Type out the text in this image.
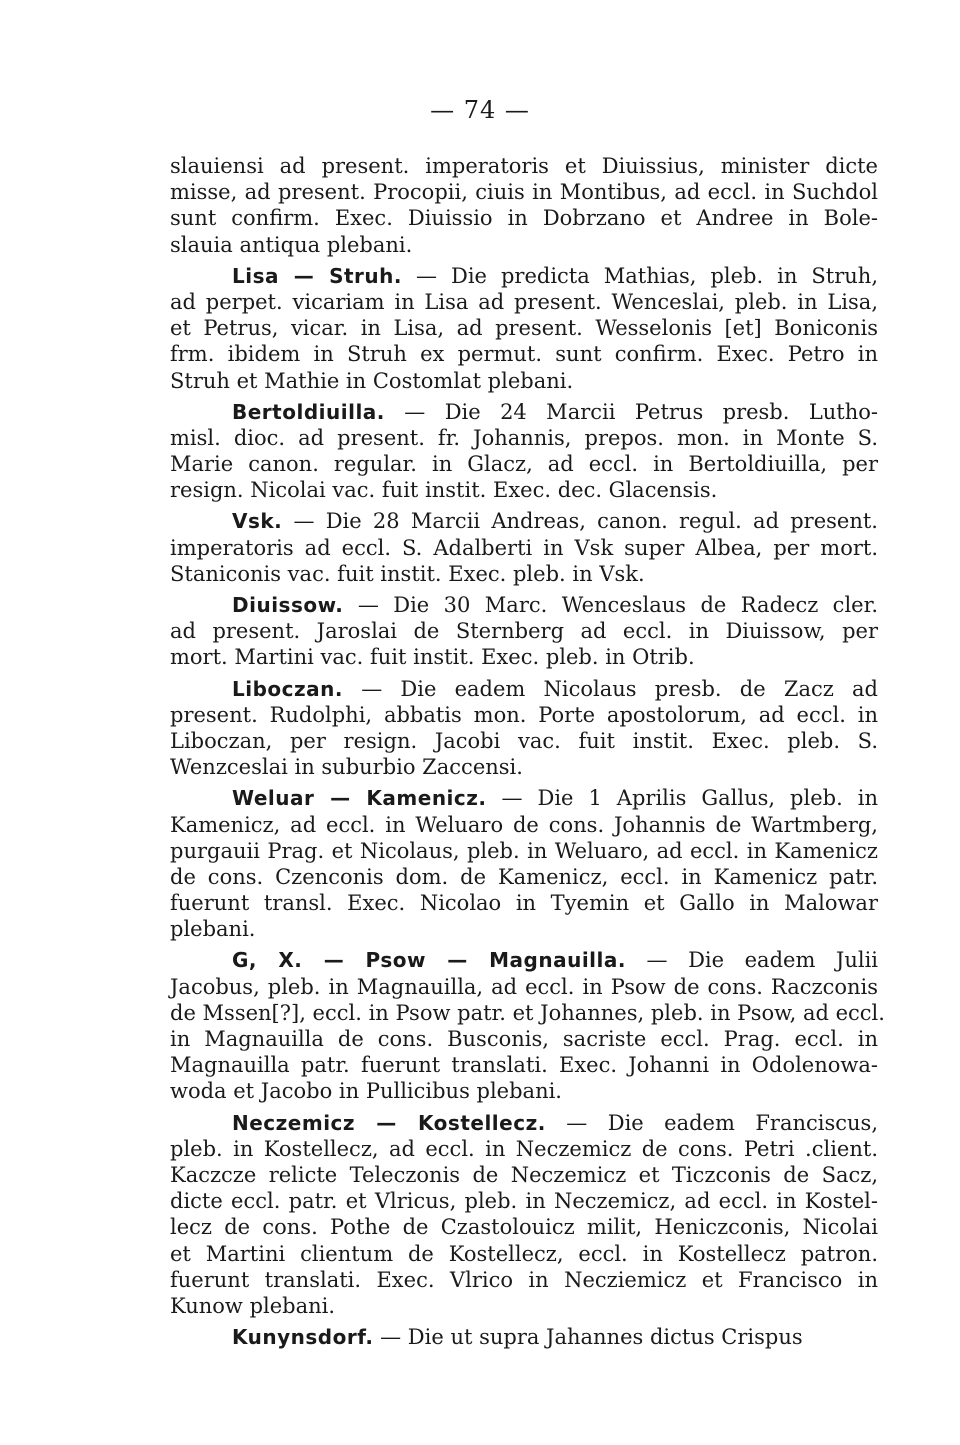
— 74 —
slauiensi ad present. imperatoris et Diuissius, minister dicte
misse, ad present. Procopii, ciuis in Montibus, ad eccl. in Suchdol
sunt confirm. Exec. Diuissio in Dobrzano et Andree in Bole-
slauia antiqua plebani.
Lisa — Struh. — Die predicta Mathias, pleb. in Struh,
ad perpet. vicariam in Lisa ad present. Wenceslai, pleb. in Lisa,
et Petrus, vicar. in Lisa, ad present. Wesselonis [et] Boniconis
frm. ibidem in Struh ex permut. sunt confirm. Exec. Petro in
Struh et Mathie in Costomlat plebani.
Bertoldiuilla. — Die 24 Marcii Petrus presb. Lutho-
misl. dioc. ad present. fr. Johannis, prepos. mon. in Monte S.
Marie canon. regular. in Glacz, ad eccl. in Bertoldiuilla, per
resign. Nicolai vac. fuit instit. Exec. dec. Glacensis.
Vsk. — Die 28 Marcii Andreas, canon. regul. ad present.
imperatoris ad eccl. S. Adalberti in Vsk super Albea, per mort.
Staniconis vac. fuit instit. Exec. pleb. in Vsk.
Diuissow. — Die 30 Marc. Wenceslaus de Radecz cler.
ad present. Jaroslai de Sternberg ad eccl. in Diuissow, per
mort. Martini vac. fuit instit. Exec. pleb. in Otrib.
Liboczan. — Die eadem Nicolaus presb. de Zacz ad
present. Rudolphi, abbatis mon. Porte apostolorum, ad eccl. in
Liboczan, per resign. Jacobi vac. fuit instit. Exec. pleb. S.
Wenzceslai in suburbio Zaccensi.
Weluar — Kamenicz. — Die 1 Aprilis Gallus, pleb. in
Kamenicz, ad eccl. in Weluaro de cons. Johannis de Wartmberg,
purgauii Prag. et Nicolaus, pleb. in Weluaro, ad eccl. in Kamenicz
de cons. Czenconis dom. de Kamenicz, eccl. in Kamenicz patr.
fuerunt transl. Exec. Nicolao in Tyemin et Gallo in Malowar
plebani.
G, X. — Psow — Magnauilla. — Die eadem Julii
Jacobus, pleb. in Magnauilla, ad eccl. in Psow de cons. Raczconis
de Mssen[?], eccl. in Psow patr. et Johannes, pleb. in Psow, ad eccl.
in Magnauilla de cons. Busconis, sacriste eccl. Prag. eccl. in
Magnauilla patr. fuerunt translati. Exec. Johanni in Odolenowa-
woda et Jacobo in Pullicibus plebani.
Neczemicz — Kostellecz. — Die eadem Franciscus,
pleb. in Kostellecz, ad eccl. in Neczemicz de cons. Petri .client.
Kaczcze relicte Teleczonis de Neczemicz et Ticzconis de Sacz,
dicte eccl. patr. et Vlricus, pleb. in Neczemicz, ad eccl. in Kostel-
lecz de cons. Pothe de Czastolouicz milit, Heniczconis, Nicolai
et Martini clientum de Kostellecz, eccl. in Kostellecz patron.
fuerunt translati. Exec. Vlrico in Necziemicz et Francisco in
Kunow plebani.
Kunynsdorf. — Die ut supra Jahannes dictus Crispus
